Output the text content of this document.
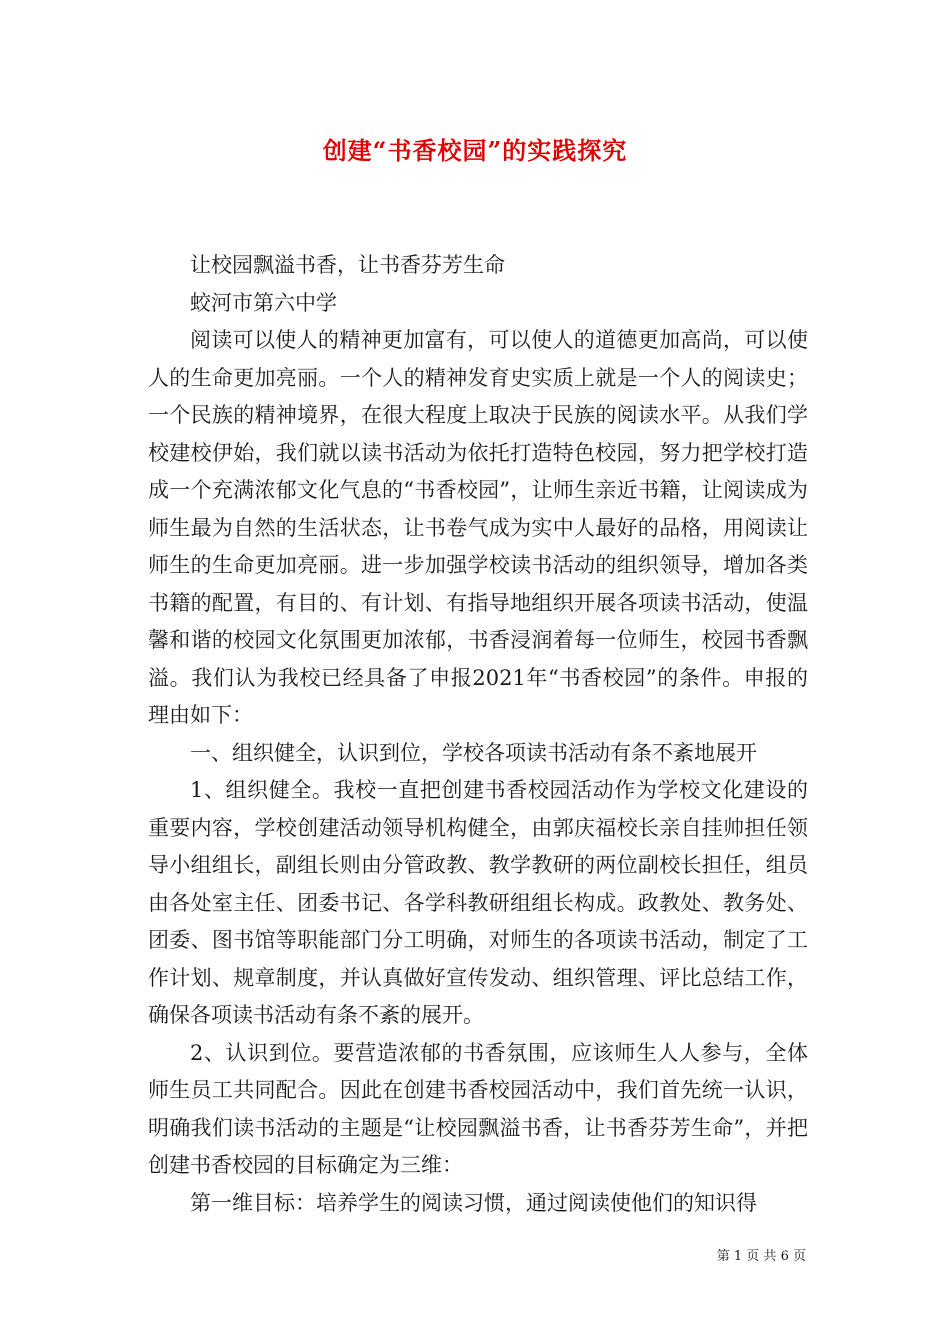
创建“书香校园”的实践探究

让校园飘溢书香，让书香芬芳生命

蛟河市第六中学

阅读可以使人的精神更加富有，可以使人的道德更加高尚，可以使人的生命更加亮丽。一个人的精神发育史实质上就是一个人的阅读史；一个民族的精神境界，在很大程度上取决于民族的阅读水平。从我们学校建校伊始，我们就以读书活动为依托打造特色校园，努力把学校打造成一个充满浓郁文化气息的“书香校园”，让师生亲近书籍，让阅读成为师生最为自然的生活状态，让书卷气成为实中人最好的品格，用阅读让师生的生命更加亮丽。进一步加强学校读书活动的组织领导，增加各类书籍的配置，有目的、有计划、有指导地组织开展各项读书活动，使温馨和谐的校园文化氛围更加浓郁，书香浸润着每一位师生，校园书香飘溢。我们认为我校已经具备了申报2021年“书香校园”的条件。申报的理由如下：

一、组织健全，认识到位，学校各项读书活动有条不紊地展开

1、组织健全。我校一直把创建书香校园活动作为学校文化建设的重要内容，学校创建活动领导机构健全，由郭庆福校长亲自挂帅担任领导小组组长，副组长则由分管政教、教学教研的两位副校长担任，组员由各处室主任、团委书记、各学科教研组组长构成。政教处、教务处、团委、图书馆等职能部门分工明确，对师生的各项读书活动，制定了工作计划、规章制度，并认真做好宣传发动、组织管理、评比总结工作，确保各项读书活动有条不紊的展开。

2、认识到位。要营造浓郁的书香氛围，应该师生人人参与，全体师生员工共同配合。因此在创建书香校园活动中，我们首先统一认识，明确我们读书活动的主题是“让校园飘溢书香，让书香芬芳生命”，并把创建书香校园的目标确定为三维：

第一维目标：培养学生的阅读习惯，通过阅读使他们的知识得

第 1 页 共 6 页
